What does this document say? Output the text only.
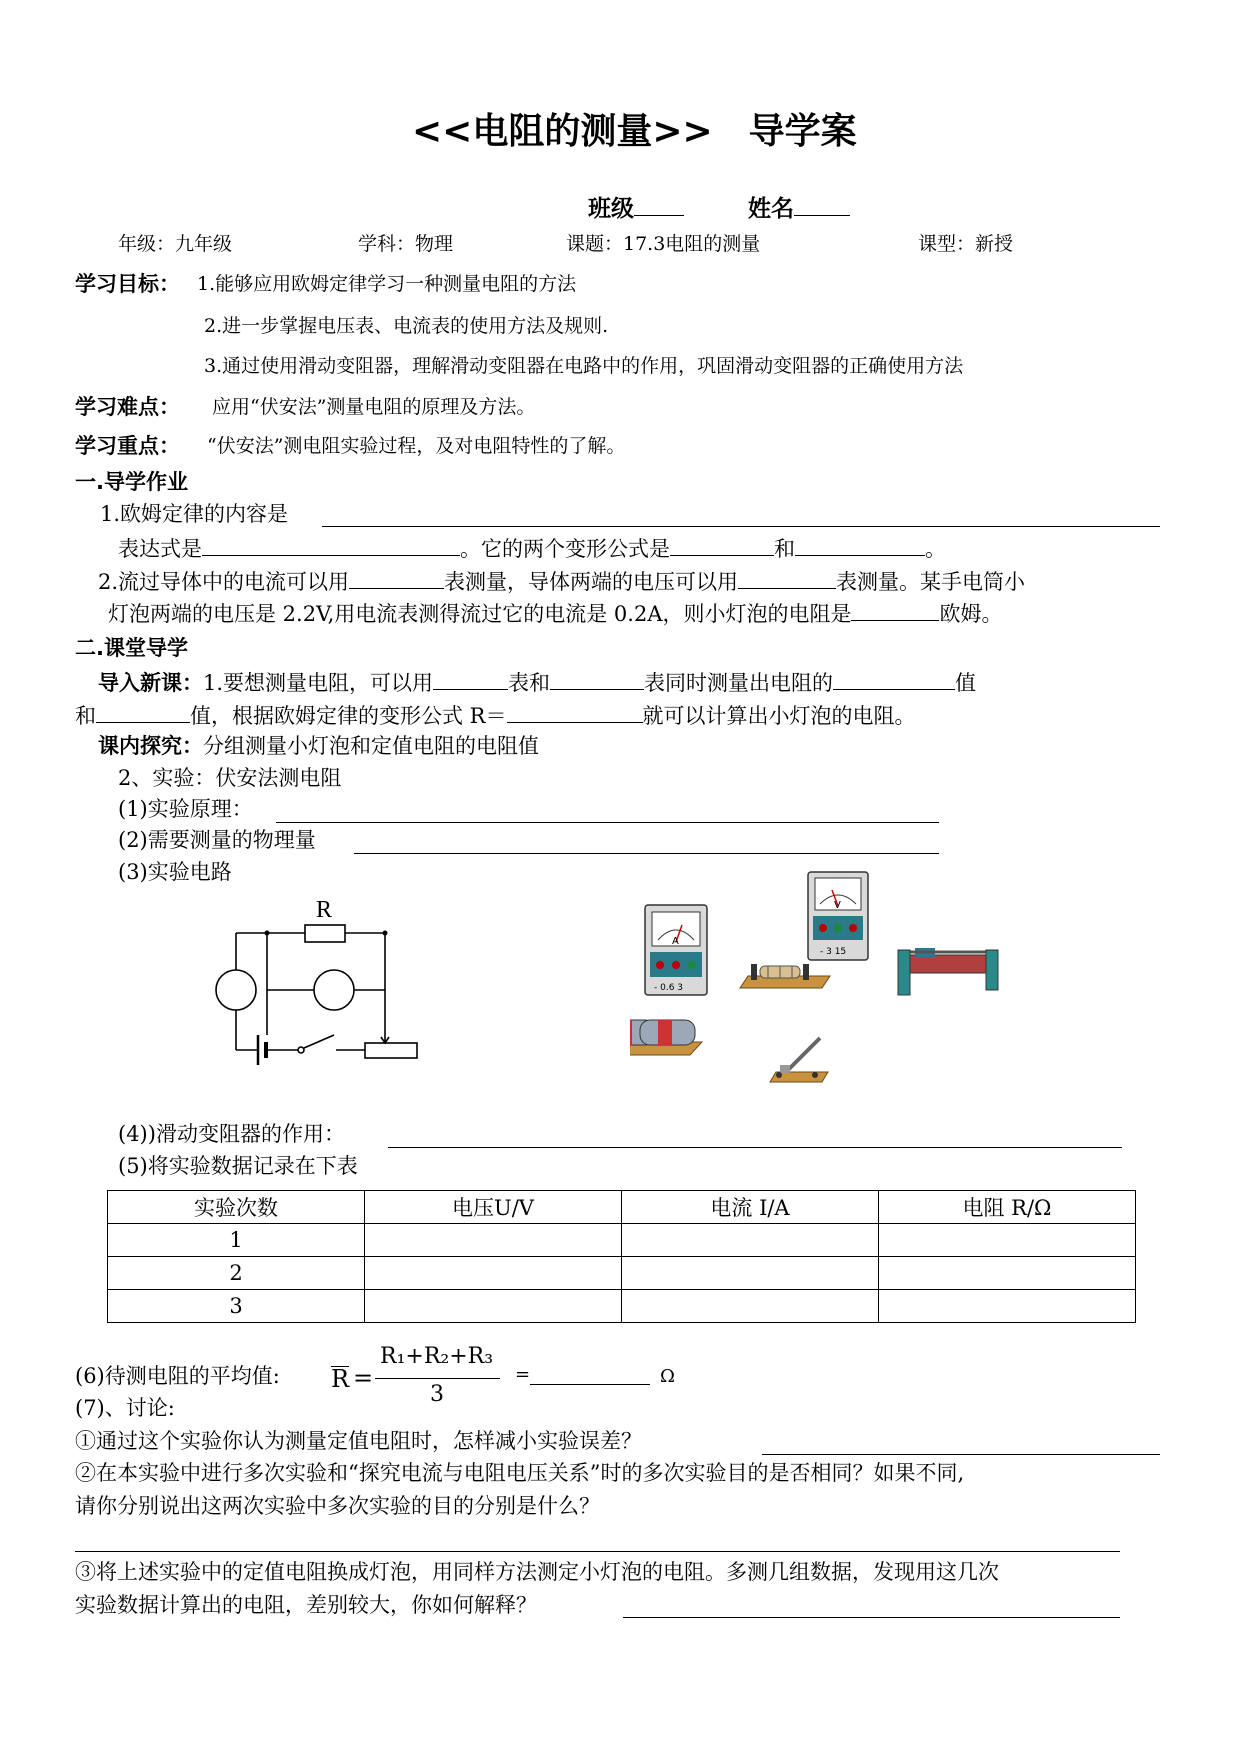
<<电阻的测量>>　导学案
班级	姓名
年级：九年级	学科：物理	课题：17.3电阻的测量	课型：新授
学习目标： 1.能够应用欧姆定律学习一种测量电阻的方法
2.进一步掌握电压表、电流表的使用方法及规则.
3.通过使用滑动变阻器，理解滑动变阻器在电路中的作用，巩固滑动变阻器的正确使用方法
学习难点： 应用“伏安法”测量电阻的原理及方法。
学习重点： “伏安法”测电阻实验过程，及对电阻特性的了解。
一.导学作业
1.欧姆定律的内容是
表达式是	。它的两个变形公式是	和	。
2.流过导体中的电流可以用	表测量，导体两端的电压可以用	表测量。某手电筒小
灯泡两端的电压是 2.2V,用电流表测得流过它的电流是 0.2A，则小灯泡的电阻是	欧姆。
二.课堂导学
导入新课：1.要想测量电阻，可以用	表和	表同时测量出电阻的	值
和	值，根据欧姆定律的变形公式 R＝	就可以计算出小灯泡的电阻。
课内探究：分组测量小灯泡和定值电阻的电阻值
2、实验：伏安法测电阻
(1)实验原理：
(2)需要测量的物理量
(3)实验电路
R
A
- 0.6 3
V
- 3 15
(4))滑动变阻器的作用：
(5)将实验数据记录在下表
实验次数	电压U/V	电流 I/A	电阻 R/Ω
1			
2			
3			
(6)待测电阻的平均值: R =
R₁+R₂+R₃
3
=	Ω
(7)、讨论:
①通过这个实验你认为测量定值电阻时，怎样减小实验误差？
②在本实验中进行多次实验和“探究电流与电阻电压关系”时的多次实验目的是否相同？如果不同,
请你分别说出这两次实验中多次实验的目的分别是什么？
③将上述实验中的定值电阻换成灯泡，用同样方法测定小灯泡的电阻。多测几组数据，发现用这几次
实验数据计算出的电阻，差别较大，你如何解释？
